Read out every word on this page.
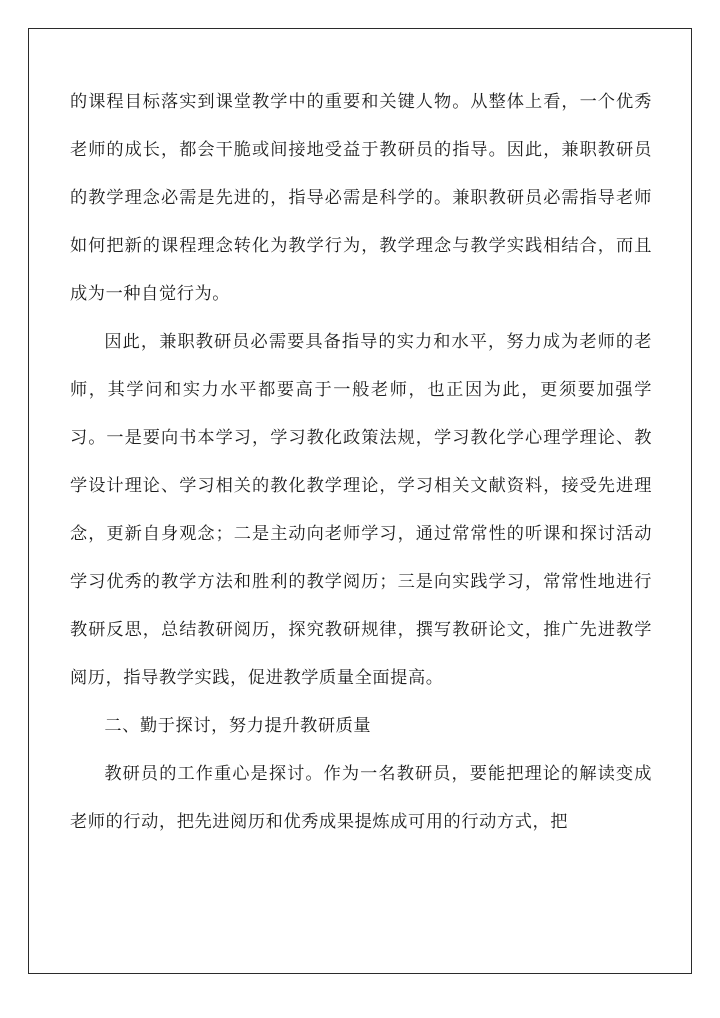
的课程目标落实到课堂教学中的重要和关键人物。从整体上看，一个优秀老师的成长，都会干脆或间接地受益于教研员的指导。因此，兼职教研员的教学理念必需是先进的，指导必需是科学的。兼职教研员必需指导老师如何把新的课程理念转化为教学行为，教学理念与教学实践相结合，而且成为一种自觉行为。

因此，兼职教研员必需要具备指导的实力和水平，努力成为老师的老师，其学问和实力水平都要高于一般老师，也正因为此，更须要加强学习。一是要向书本学习，学习教化政策法规，学习教化学心理学理论、教学设计理论、学习相关的教化教学理论，学习相关文献资料，接受先进理念，更新自身观念；二是主动向老师学习，通过常常性的听课和探讨活动学习优秀的教学方法和胜利的教学阅历；三是向实践学习，常常性地进行教研反思，总结教研阅历，探究教研规律，撰写教研论文，推广先进教学阅历，指导教学实践，促进教学质量全面提高。

二、勤于探讨，努力提升教研质量

教研员的工作重心是探讨。作为一名教研员，要能把理论的解读变成老师的行动，把先进阅历和优秀成果提炼成可用的行动方式，把
